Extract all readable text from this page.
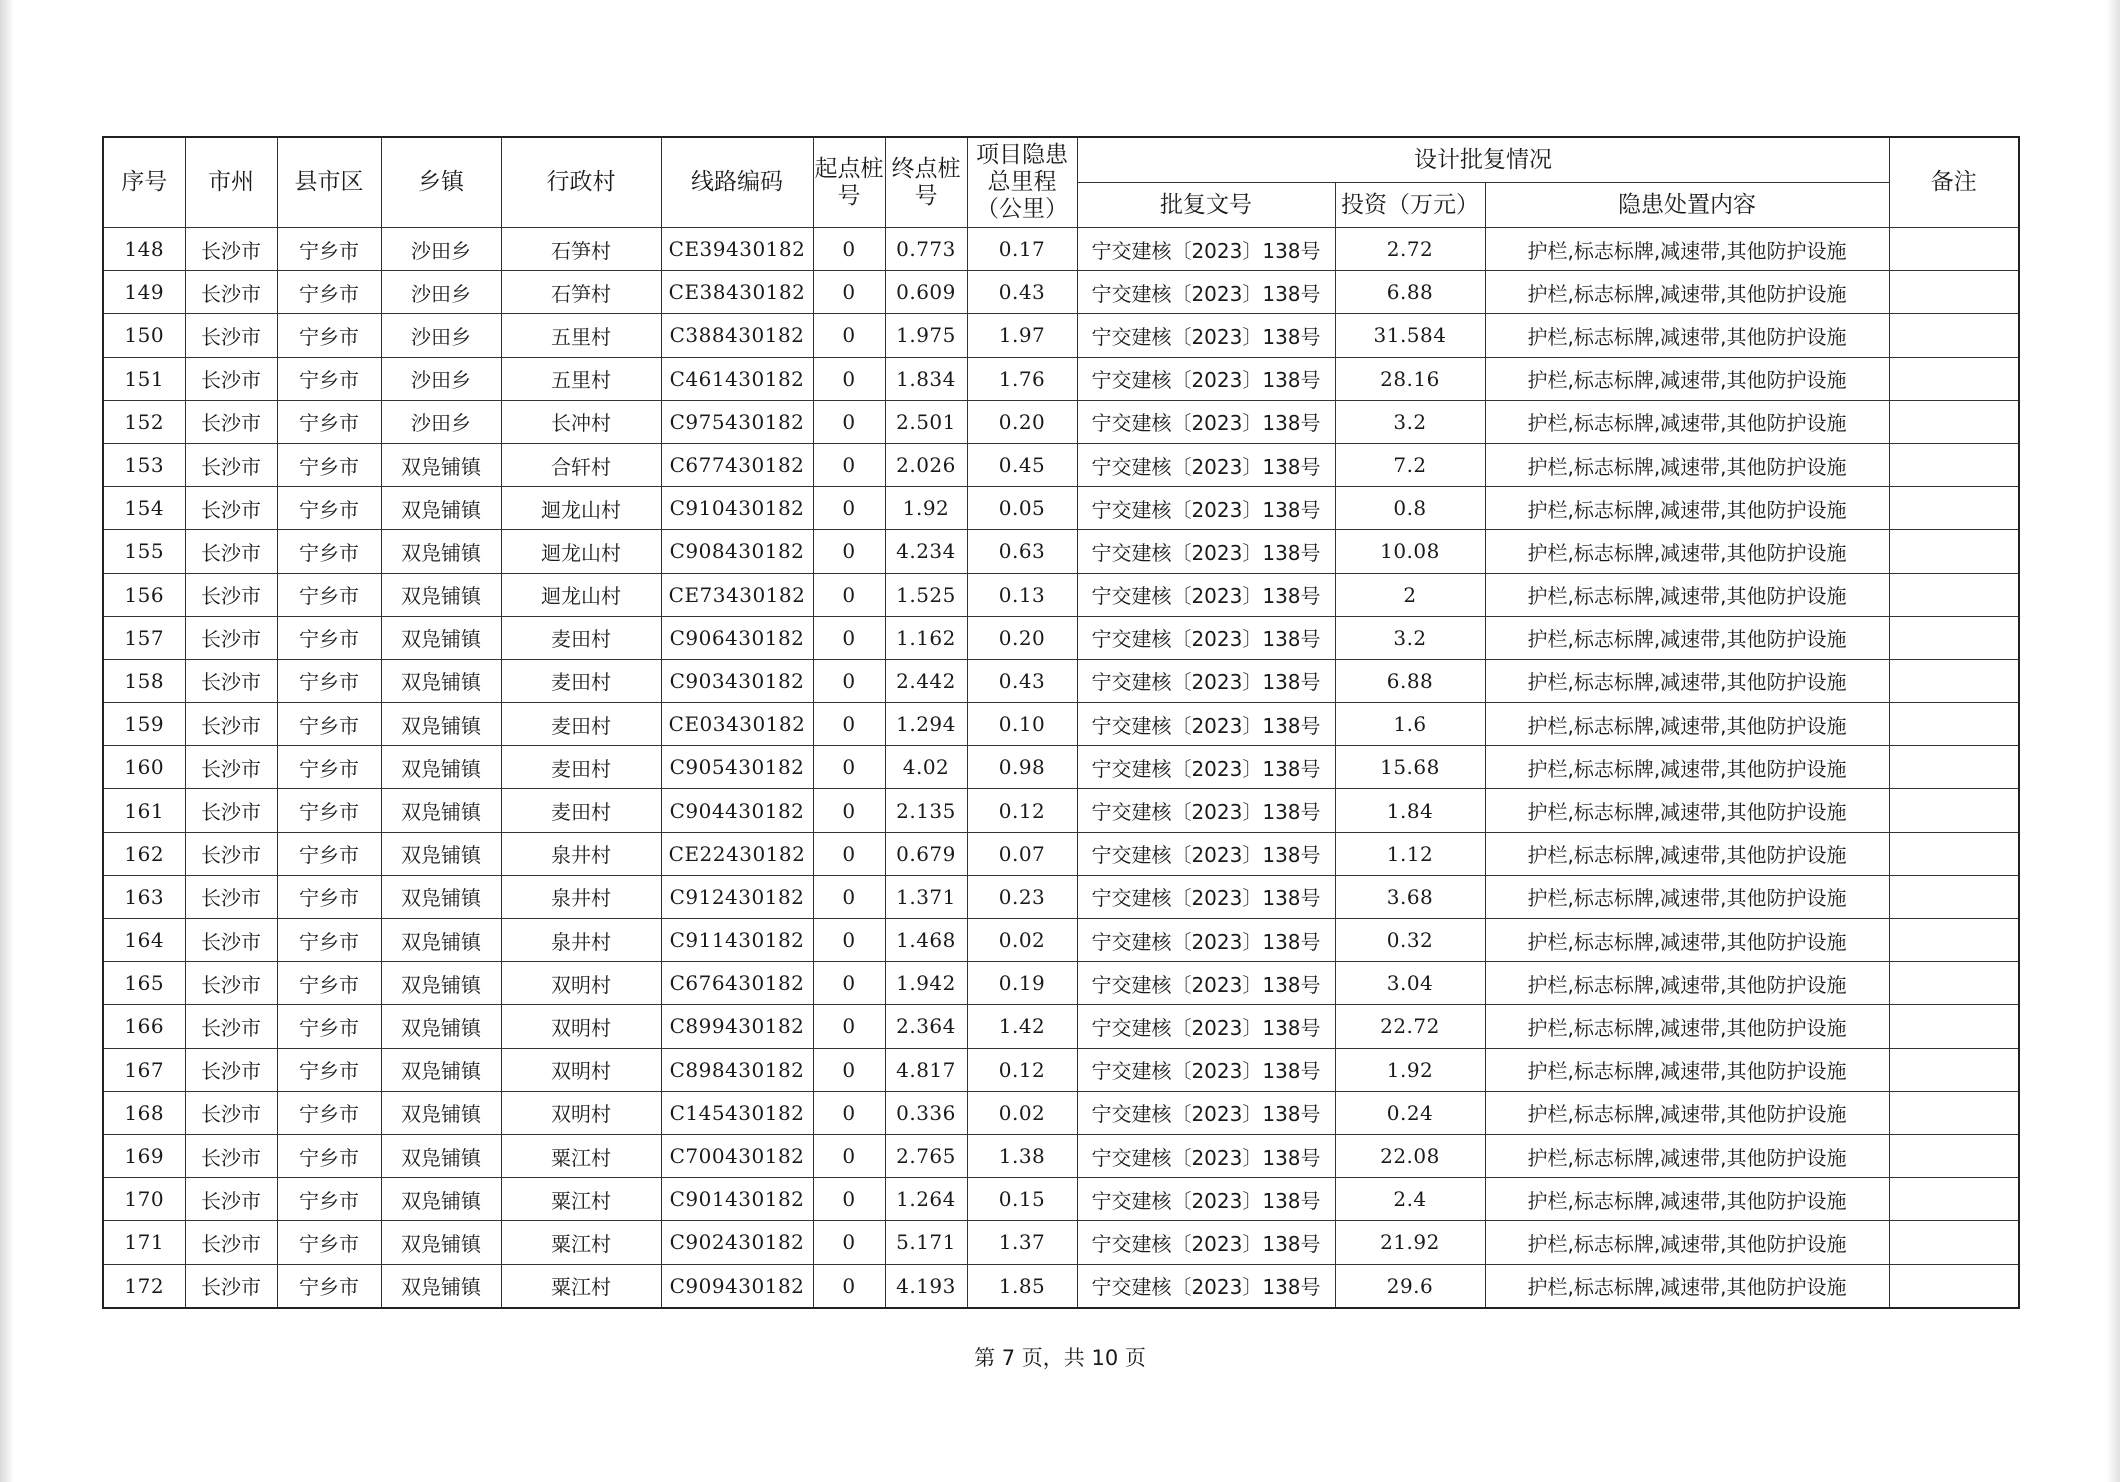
序号	市州	县市区	乡镇	行政村	线路编码	起点桩号	终点桩号	项目隐患总里程（公里）	设计批复情况			备注
									批复文号	投资（万元）	隐患处置内容	
148	长沙市	宁乡市	沙田乡	石笋村	CE39430182	0	0.773	0.17	宁交建核〔2023〕138号	2.72	护栏,标志标牌,减速带,其他防护设施	
149	长沙市	宁乡市	沙田乡	石笋村	CE38430182	0	0.609	0.43	宁交建核〔2023〕138号	6.88	护栏,标志标牌,减速带,其他防护设施	
150	长沙市	宁乡市	沙田乡	五里村	C388430182	0	1.975	1.97	宁交建核〔2023〕138号	31.584	护栏,标志标牌,减速带,其他防护设施	
151	长沙市	宁乡市	沙田乡	五里村	C461430182	0	1.834	1.76	宁交建核〔2023〕138号	28.16	护栏,标志标牌,减速带,其他防护设施	
152	长沙市	宁乡市	沙田乡	长冲村	C975430182	0	2.501	0.20	宁交建核〔2023〕138号	3.2	护栏,标志标牌,减速带,其他防护设施	
153	长沙市	宁乡市	双凫铺镇	合轩村	C677430182	0	2.026	0.45	宁交建核〔2023〕138号	7.2	护栏,标志标牌,减速带,其他防护设施	
154	长沙市	宁乡市	双凫铺镇	迴龙山村	C910430182	0	1.92	0.05	宁交建核〔2023〕138号	0.8	护栏,标志标牌,减速带,其他防护设施	
155	长沙市	宁乡市	双凫铺镇	迴龙山村	C908430182	0	4.234	0.63	宁交建核〔2023〕138号	10.08	护栏,标志标牌,减速带,其他防护设施	
156	长沙市	宁乡市	双凫铺镇	迴龙山村	CE73430182	0	1.525	0.13	宁交建核〔2023〕138号	2	护栏,标志标牌,减速带,其他防护设施	
157	长沙市	宁乡市	双凫铺镇	麦田村	C906430182	0	1.162	0.20	宁交建核〔2023〕138号	3.2	护栏,标志标牌,减速带,其他防护设施	
158	长沙市	宁乡市	双凫铺镇	麦田村	C903430182	0	2.442	0.43	宁交建核〔2023〕138号	6.88	护栏,标志标牌,减速带,其他防护设施	
159	长沙市	宁乡市	双凫铺镇	麦田村	CE03430182	0	1.294	0.10	宁交建核〔2023〕138号	1.6	护栏,标志标牌,减速带,其他防护设施	
160	长沙市	宁乡市	双凫铺镇	麦田村	C905430182	0	4.02	0.98	宁交建核〔2023〕138号	15.68	护栏,标志标牌,减速带,其他防护设施	
161	长沙市	宁乡市	双凫铺镇	麦田村	C904430182	0	2.135	0.12	宁交建核〔2023〕138号	1.84	护栏,标志标牌,减速带,其他防护设施	
162	长沙市	宁乡市	双凫铺镇	泉井村	CE22430182	0	0.679	0.07	宁交建核〔2023〕138号	1.12	护栏,标志标牌,减速带,其他防护设施	
163	长沙市	宁乡市	双凫铺镇	泉井村	C912430182	0	1.371	0.23	宁交建核〔2023〕138号	3.68	护栏,标志标牌,减速带,其他防护设施	
164	长沙市	宁乡市	双凫铺镇	泉井村	C911430182	0	1.468	0.02	宁交建核〔2023〕138号	0.32	护栏,标志标牌,减速带,其他防护设施	
165	长沙市	宁乡市	双凫铺镇	双明村	C676430182	0	1.942	0.19	宁交建核〔2023〕138号	3.04	护栏,标志标牌,减速带,其他防护设施	
166	长沙市	宁乡市	双凫铺镇	双明村	C899430182	0	2.364	1.42	宁交建核〔2023〕138号	22.72	护栏,标志标牌,减速带,其他防护设施	
167	长沙市	宁乡市	双凫铺镇	双明村	C898430182	0	4.817	0.12	宁交建核〔2023〕138号	1.92	护栏,标志标牌,减速带,其他防护设施	
168	长沙市	宁乡市	双凫铺镇	双明村	C145430182	0	0.336	0.02	宁交建核〔2023〕138号	0.24	护栏,标志标牌,减速带,其他防护设施	
169	长沙市	宁乡市	双凫铺镇	粟江村	C700430182	0	2.765	1.38	宁交建核〔2023〕138号	22.08	护栏,标志标牌,减速带,其他防护设施	
170	长沙市	宁乡市	双凫铺镇	粟江村	C901430182	0	1.264	0.15	宁交建核〔2023〕138号	2.4	护栏,标志标牌,减速带,其他防护设施	
171	长沙市	宁乡市	双凫铺镇	粟江村	C902430182	0	5.171	1.37	宁交建核〔2023〕138号	21.92	护栏,标志标牌,减速带,其他防护设施	
172	长沙市	宁乡市	双凫铺镇	粟江村	C909430182	0	4.193	1.85	宁交建核〔2023〕138号	29.6	护栏,标志标牌,减速带,其他防护设施	
第 7 页，共 10 页
